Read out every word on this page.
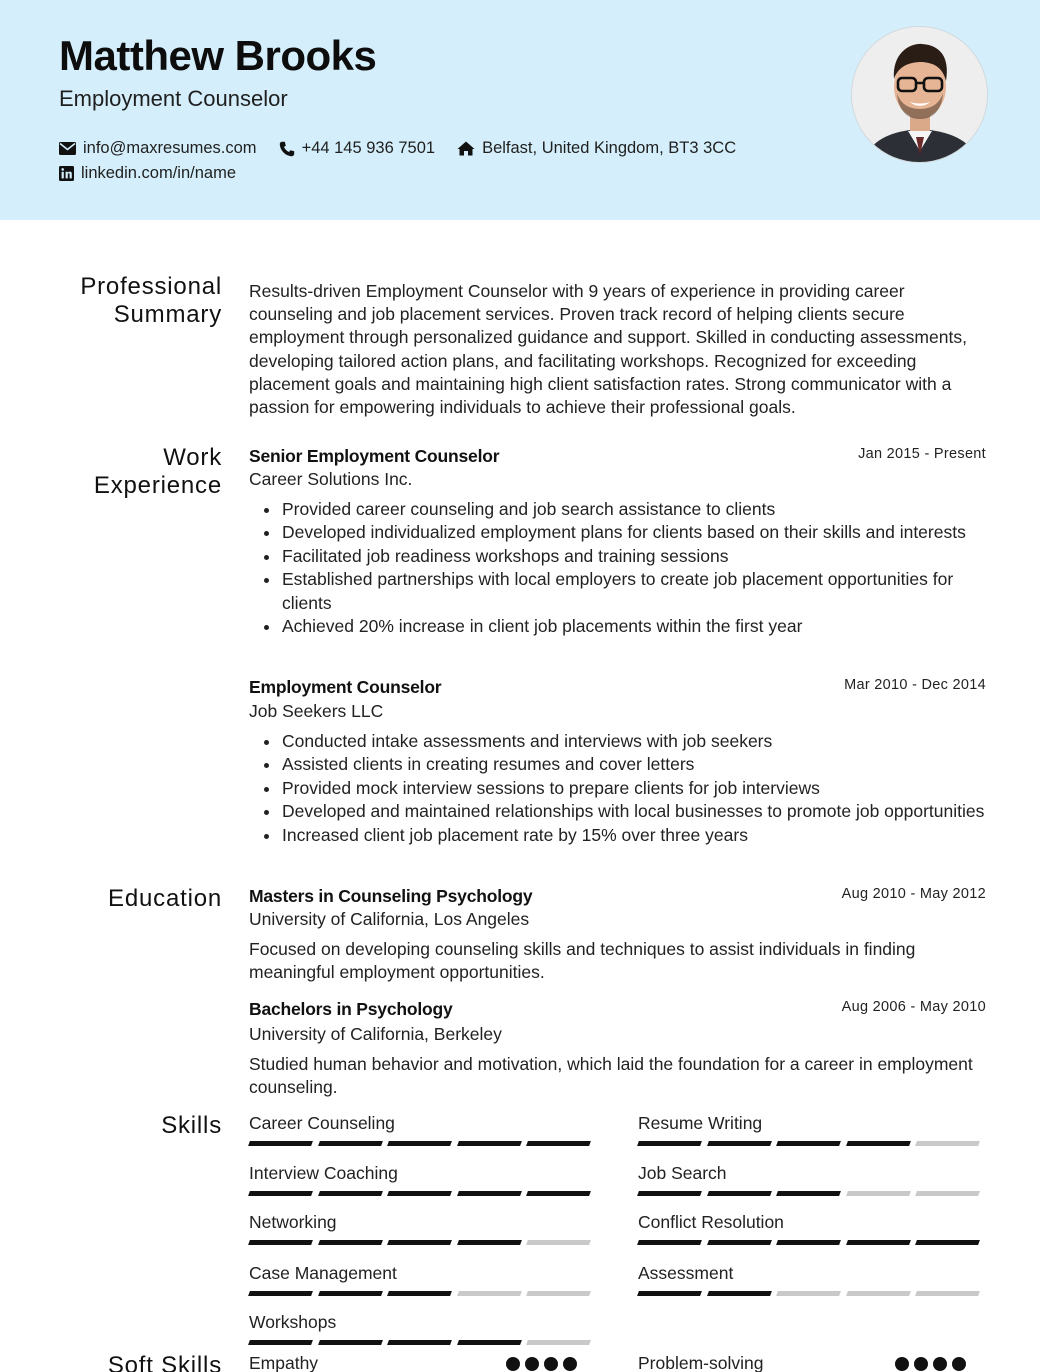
Matthew Brooks
Employment Counselor
info@maxresumes.com	+44 145 936 7501	Belfast, United Kingdom, BT3 3CC
linkedin.com/in/name
Professional
Summary
Results-driven Employment Counselor with 9 years of experience in providing career counseling and job placement services. Proven track record of helping clients secure employment through personalized guidance and support. Skilled in conducting assessments, developing tailored action plans, and facilitating workshops. Recognized for exceeding placement goals and maintaining high client satisfaction rates. Strong communicator with a passion for empowering individuals to achieve their professional goals.
Work
Experience
Senior Employment Counselor	Jan 2015 - Present
Career Solutions Inc.
Provided career counseling and job search assistance to clients
Developed individualized employment plans for clients based on their skills and interests
Facilitated job readiness workshops and training sessions
Established partnerships with local employers to create job placement opportunities for clients
Achieved 20% increase in client job placements within the first year
Employment Counselor	Mar 2010 - Dec 2014
Job Seekers LLC
Conducted intake assessments and interviews with job seekers
Assisted clients in creating resumes and cover letters
Provided mock interview sessions to prepare clients for job interviews
Developed and maintained relationships with local businesses to promote job opportunities
Increased client job placement rate by 15% over three years
Education Masters in Counseling Psychology	Aug 2010 - May 2012
University of California, Los Angeles
Focused on developing counseling skills and techniques to assist individuals in finding meaningful employment opportunities.
Bachelors in Psychology	Aug 2006 - May 2010
University of California, Berkeley
Studied human behavior and motivation, which laid the foundation for a career in employment counseling.
Skills Career Counseling	Resume Writing
Interview Coaching	Job Search
Networking	Conflict Resolution
Case Management	Assessment
Workshops
Soft Skills Empathy	Problem-solving
